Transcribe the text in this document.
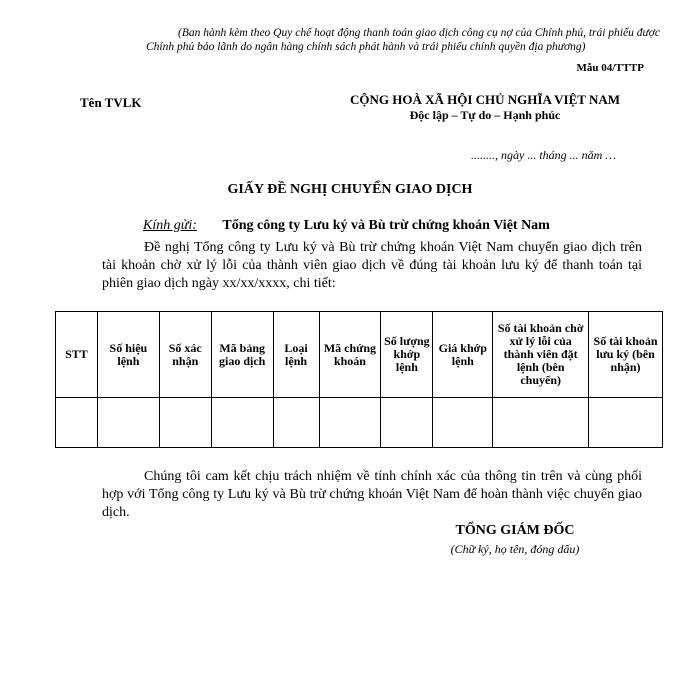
(Ban hành kèm theo Quy chế hoạt động thanh toán giao dịch công cụ nợ của Chính phủ, trái phiếu được
Chính phủ bảo lãnh do ngân hàng chính sách phát hành và trái phiếu chính quyền địa phương)
Mẫu 04/TTTP
Tên TVLK	CỘNG HOÀ XÃ HỘI CHỦ NGHĨA VIỆT NAM
Độc lập – Tự do – Hạnh phúc
........, ngày ... tháng ... năm …
GIẤY ĐỀ NGHỊ CHUYỂN GIAO DỊCH
Kính gửi: Tổng công ty Lưu ký và Bù trừ chứng khoán Việt Nam

Đề nghị Tổng công ty Lưu ký và Bù trừ chứng khoán Việt Nam chuyển giao dịch trên tài khoản chờ xử lý lỗi của thành viên giao dịch về đúng tài khoản lưu ký để thanh toán tại phiên giao dịch ngày xx/xx/xxxx, chi tiết:

STT	Số hiệu lệnh	Số xác nhận	Mã bảng giao dịch	Loại lệnh	Mã chứng khoán	Số lượng khớp lệnh	Giá khớp lệnh	Số tài khoản chờ xử lý lỗi của thành viên đặt lệnh (bên chuyển)	Số tài khoản lưu ký (bên nhận)

Chúng tôi cam kết chịu trách nhiệm về tính chính xác của thông tin trên và cùng phối hợp với Tổng công ty Lưu ký và Bù trừ chứng khoán Việt Nam để hoàn thành việc chuyển giao dịch.

TỔNG GIÁM ĐỐC
(Chữ ký, họ tên, đóng dấu)
